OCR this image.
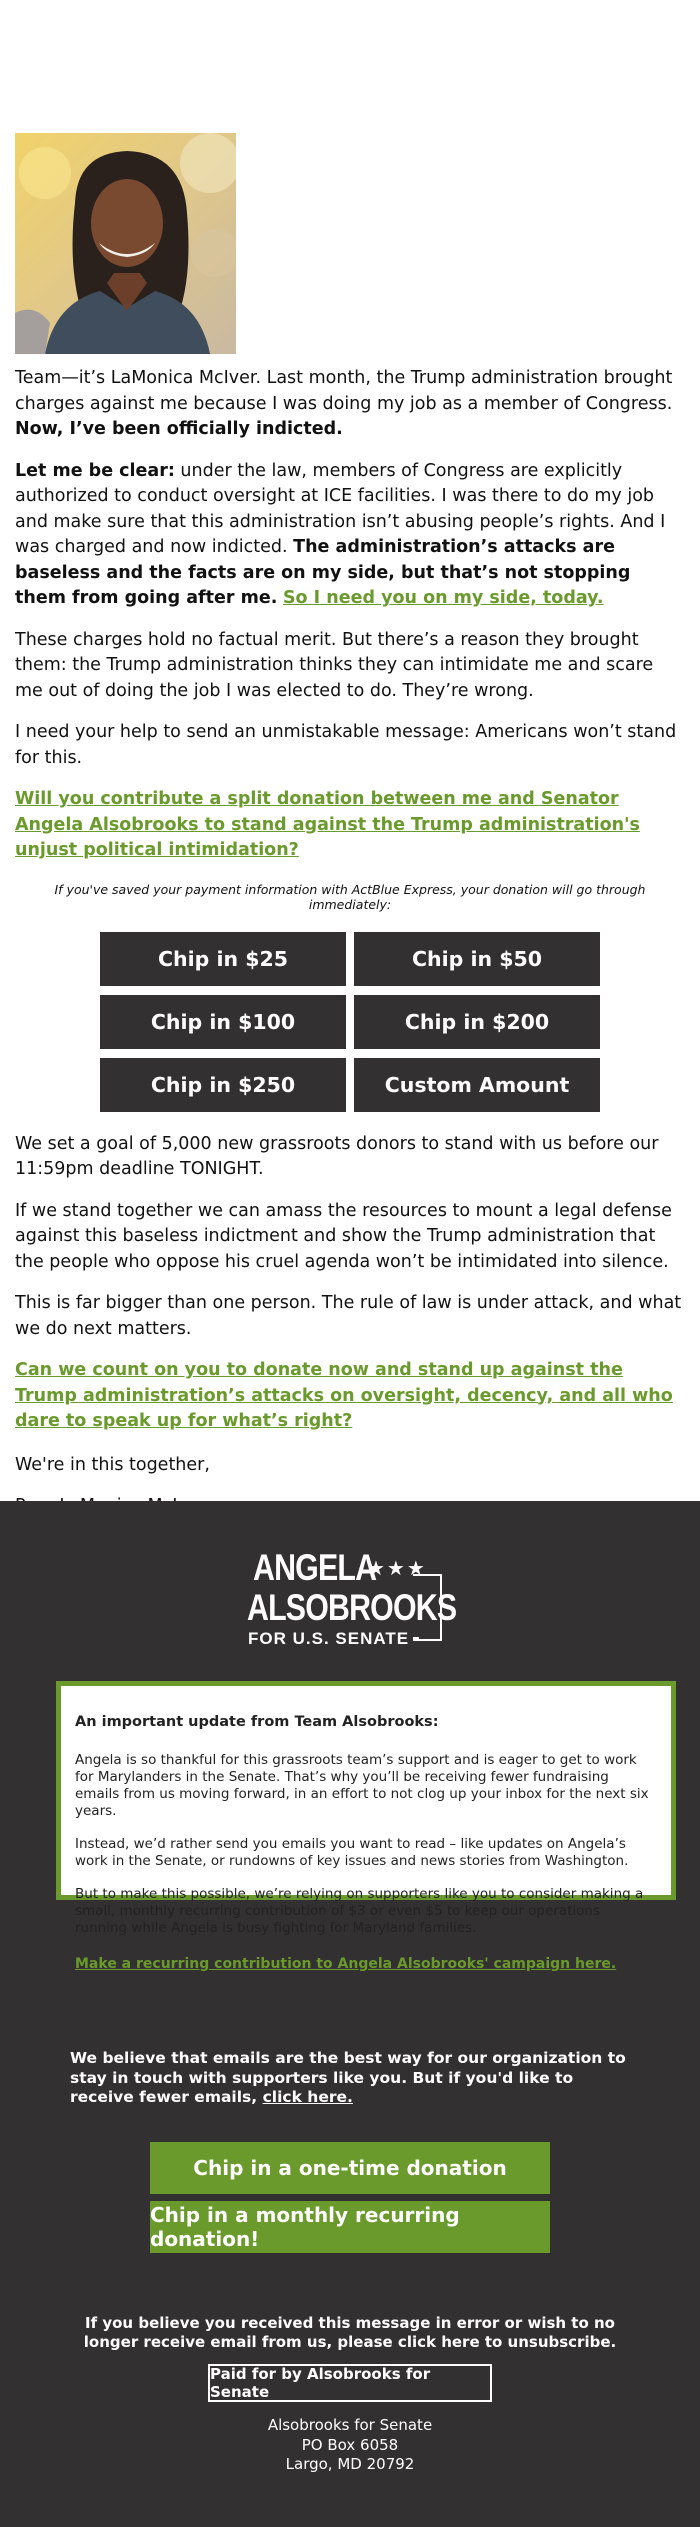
Team—it’s LaMonica McIver. Last month, the Trump administration brought charges against me because I was doing my job as a member of Congress. Now, I’ve been officially indicted.

Let me be clear: under the law, members of Congress are explicitly authorized to conduct oversight at ICE facilities. I was there to do my job and make sure that this administration isn’t abusing people’s rights. And I was charged and now indicted. The administration’s attacks are baseless and the facts are on my side, but that’s not stopping them from going after me. So I need you on my side, today.

These charges hold no factual merit. But there’s a reason they brought them: the Trump administration thinks they can intimidate me and scare me out of doing the job I was elected to do. They’re wrong.

I need your help to send an unmistakable message: Americans won’t stand for this.

Will you contribute a split donation between me and Senator Angela Alsobrooks to stand against the Trump administration's unjust political intimidation?

If you've saved your payment information with ActBlue Express, your donation will go through immediately:
Chip in $25	Chip in $50
Chip in $100	Chip in $200
Chip in $250	Custom Amount

We set a goal of 5,000 new grassroots donors to stand with us before our 11:59pm deadline TONIGHT.

If we stand together we can amass the resources to mount a legal defense against this baseless indictment and show the Trump administration that the people who oppose his cruel agenda won’t be intimidated into silence.

This is far bigger than one person. The rule of law is under attack, and what we do next matters.

Can we count on you to donate now and stand up against the Trump administration’s attacks on oversight, decency, and all who dare to speak up for what’s right?

We're in this together,

ANGELA
★★★
ALSOBROOKS
FOR U.S. SENATE
An important update from Team Alsobrooks:

Angela is so thankful for this grassroots team’s support and is eager to get to work for Marylanders in the Senate. That’s why you’ll be receiving fewer fundraising emails from us moving forward, in an effort to not clog up your inbox for the next six years.

Instead, we’d rather send you emails you want to read – like updates on Angela’s work in the Senate, or rundowns of key issues and news stories from Washington.

But to make this possible, we’re relying on supporters like you to consider making a small, monthly recurring contribution of $3 or even $5 to keep our operations running while Angela is busy fighting for Maryland families.

Make a recurring contribution to Angela Alsobrooks' campaign here.
We believe that emails are the best way for our organization to stay in touch with supporters like you. But if you'd like to receive fewer emails, click here.
Chip in a one-time donation
Chip in a monthly recurring donation!
If you believe you received this message in error or wish to no longer receive email from us, please click here to unsubscribe.
Paid for by Alsobrooks for Senate
Alsobrooks for Senate
PO Box 6058
Largo, MD 20792
